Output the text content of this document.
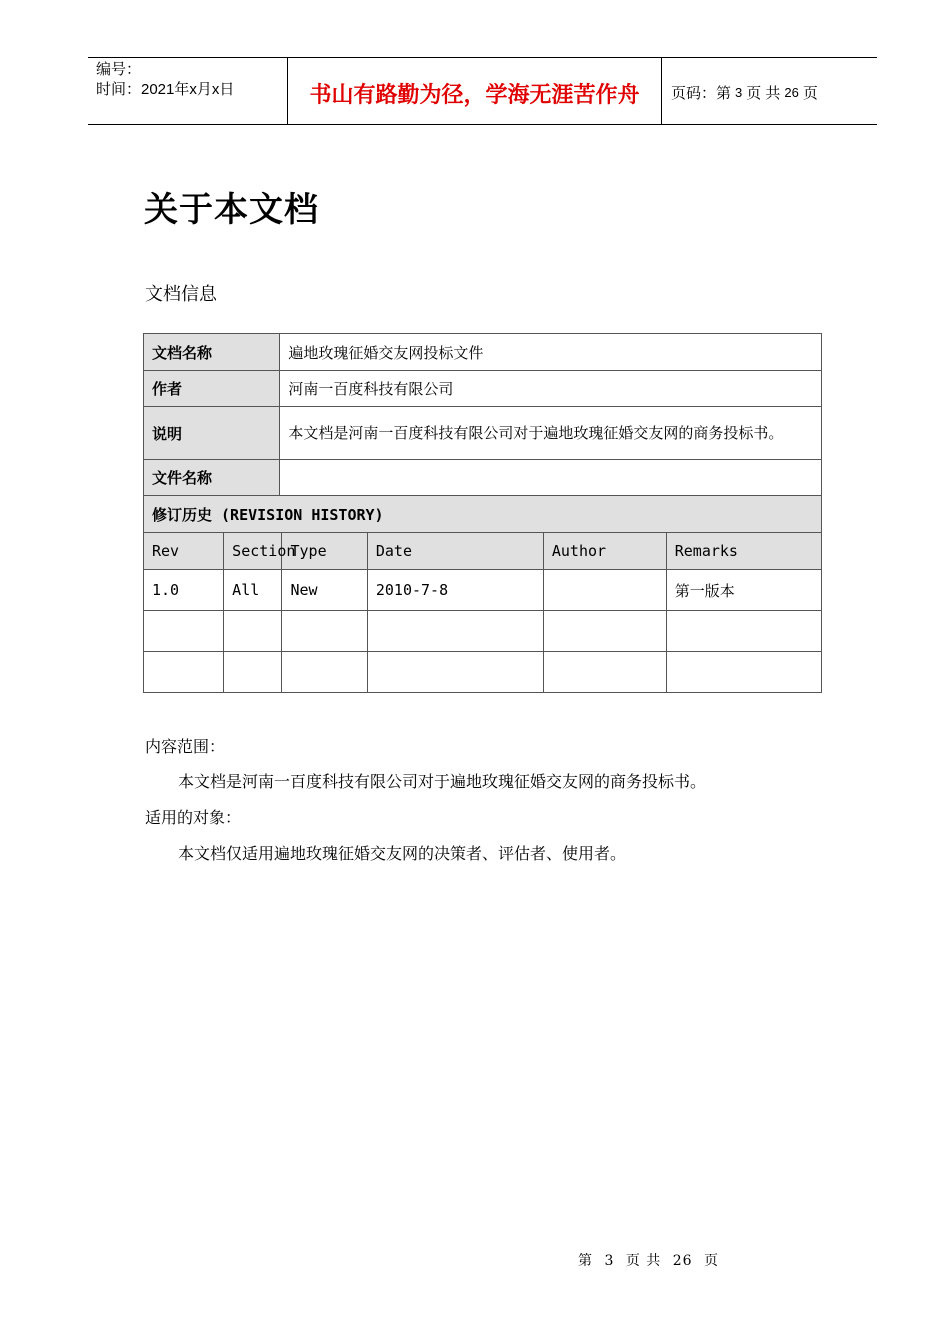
编号：
时间：2021年x月x日	书山有路勤为径，学海无涯苦作舟	页码：第 3 页 共 26 页
关于本文档
文档信息
文档名称		遍地玫瑰征婚交友网投标文件				
作者		河南一百度科技有限公司				
说明		本文档是河南一百度科技有限公司对于遍地玫瑰征婚交友网的商务投标书。				
文件名称						
修订历史 (REVISION HISTORY)						
Rev	Section		Type	Date	Author	Remarks
1.0	All		New	2010-7-8		第一版本

内容范围：
本文档是河南一百度科技有限公司对于遍地玫瑰征婚交友网的商务投标书。
适用的对象：
本文档仅适用遍地玫瑰征婚交友网的决策者、评估者、使用者。
第 3 页 共 26 页
